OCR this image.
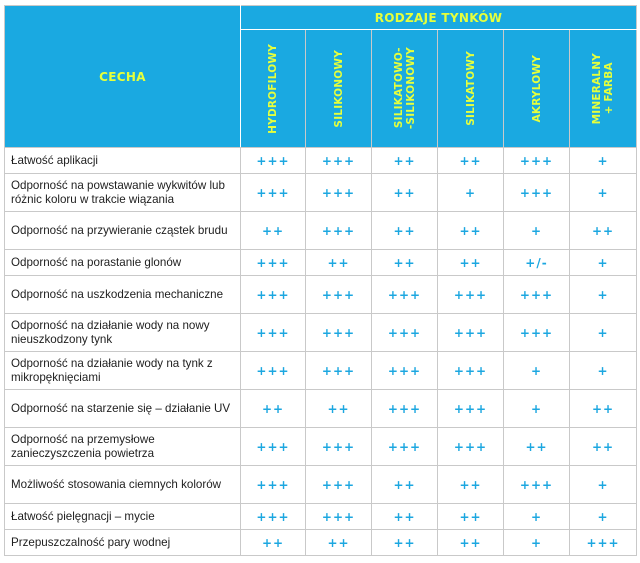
CECHA	RODZAJE TYNKÓW					

	HYDROFILOWY	SILIKONOWY	SILIKATOWO-
-SILIKONOWY	SILIKATOWY	AKRYLOWY	MINERALNY
+ FARBA

Łatwość aplikacji	+++	+++	++	++	+++	+
Odporność na powstawanie wykwitów lub różnic koloru w trakcie wiązania	+++	+++	++	+	+++	+
Odporność na przywieranie cząstek brudu	++	+++	++	++	+	++
Odporność na porastanie glonów	+++	++	++	++	+/-	+
Odporność na uszkodzenia mechaniczne	+++	+++	+++	+++	+++	+
Odporność na działanie wody na nowy nieuszkodzony tynk	+++	+++	+++	+++	+++	+
Odporność na działanie wody na tynk z mikropęknięciami	+++	+++	+++	+++	+	+
Odporność na starzenie się – działanie UV	++	++	+++	+++	+	++
Odporność na przemysłowe zanieczyszczenia powietrza	+++	+++	+++	+++	++	++
Możliwość stosowania ciemnych kolorów	+++	+++	++	++	+++	+
Łatwość pielęgnacji – mycie	+++	+++	++	++	+	+
Przepuszczalność pary wodnej	++	++	++	++	+	+++
